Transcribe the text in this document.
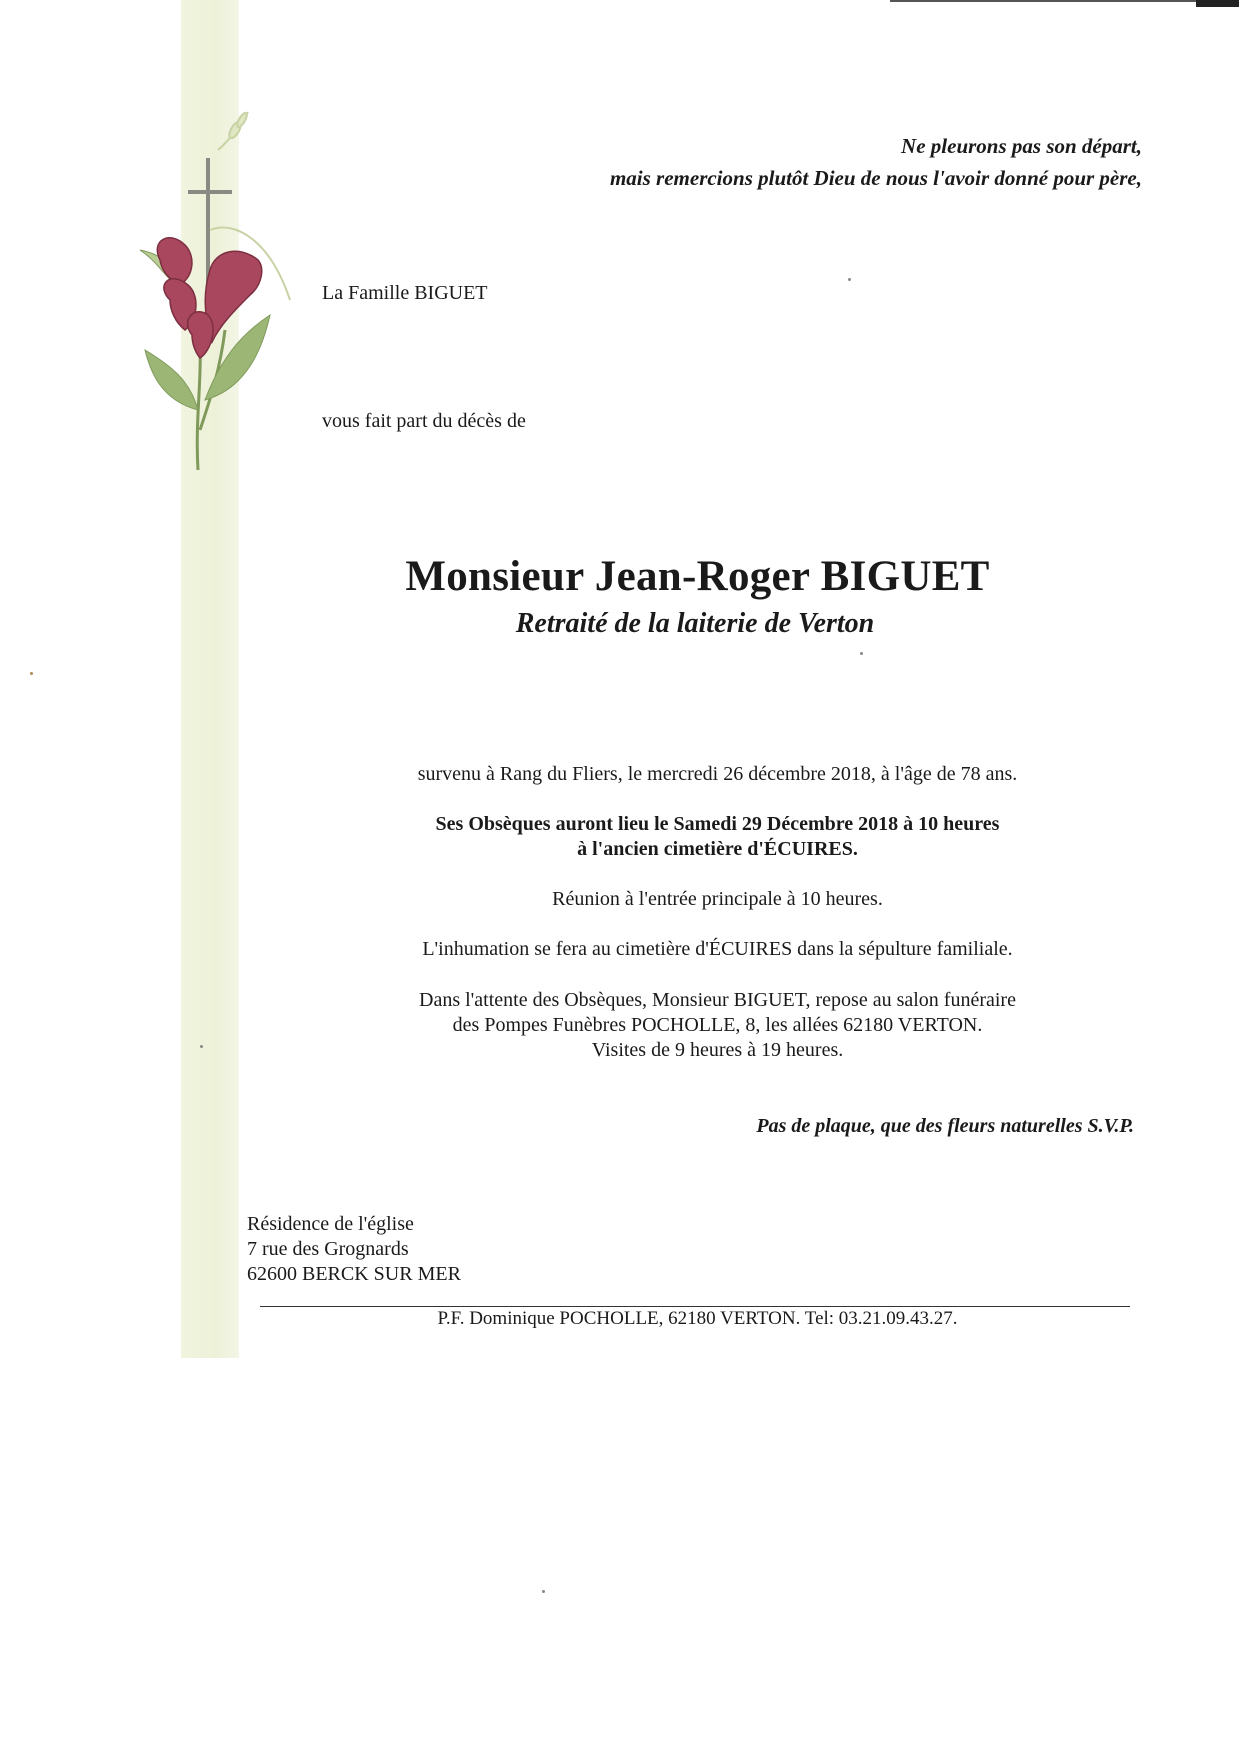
Ne pleurons pas son départ,
mais remercions plutôt Dieu de nous l'avoir donné pour père,

La Famille BIGUET

vous fait part du décès de

Monsieur Jean-Roger BIGUET

Retraité de la laiterie de Verton

survenu à Rang du Fliers, le mercredi 26 décembre 2018, à l'âge de 78 ans.

Ses Obsèques auront lieu le Samedi 29 Décembre 2018 à 10 heures
à l'ancien cimetière d'ÉCUIRES.

Réunion à l'entrée principale à 10 heures.

L'inhumation se fera au cimetière d'ÉCUIRES dans la sépulture familiale.

Dans l'attente des Obsèques, Monsieur BIGUET, repose au salon funéraire
des Pompes Funèbres POCHOLLE, 8, les allées 62180 VERTON.
Visites de 9 heures à 19 heures.

Pas de plaque, que des fleurs naturelles S.V.P.

Résidence de l'église
7 rue des Grognards
62600 BERCK SUR MER

P.F. Dominique POCHOLLE, 62180 VERTON. Tel: 03.21.09.43.27.
